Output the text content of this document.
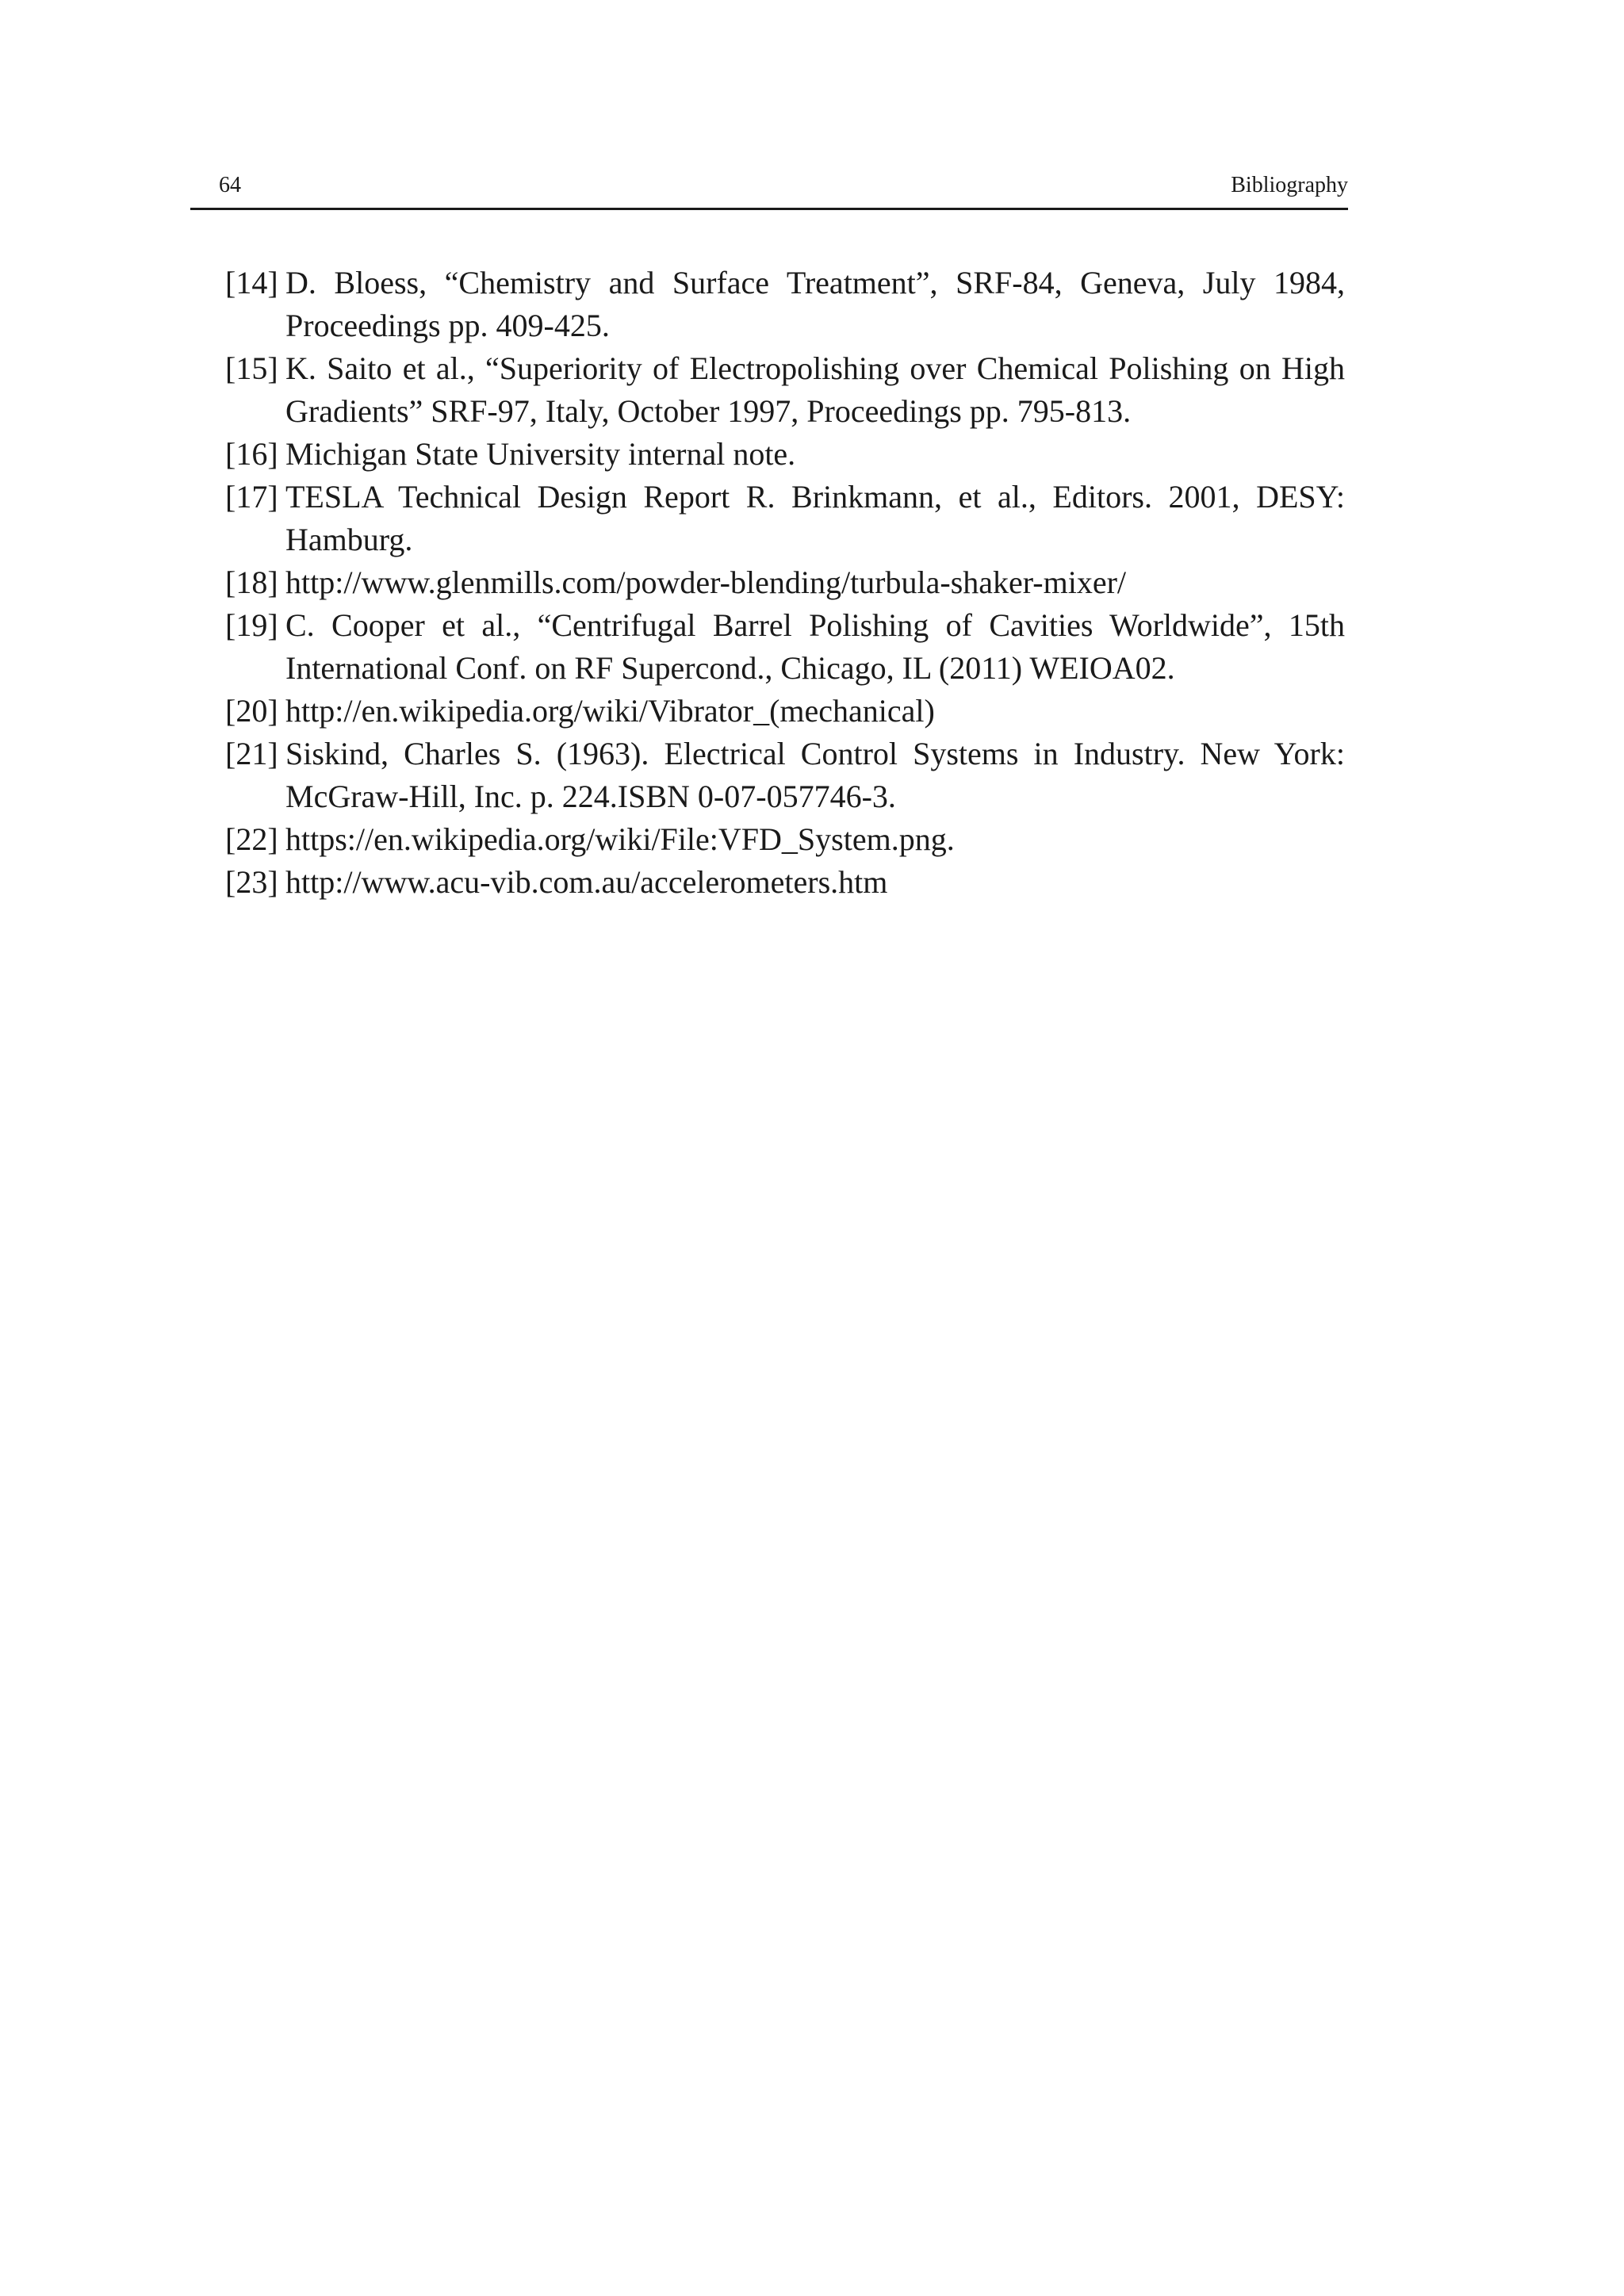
64	Bibliography
[14] D. Bloess, “Chemistry and Surface Treatment”, SRF-84, Geneva, July 1984, Proceedings pp. 409-425.
[15] K. Saito et al., “Superiority of Electropolishing over Chemical Polishing on High Gradients” SRF-97, Italy, October 1997, Proceedings pp. 795-813.
[16] Michigan State University internal note.
[17] TESLA Technical Design Report R. Brinkmann, et al., Editors. 2001, DESY: Hamburg.
[18] http://www.glenmills.com/powder-blending/turbula-shaker-mixer/
[19] C. Cooper et al., “Centrifugal Barrel Polishing of Cavities Worldwide”, 15th International Conf. on RF Supercond., Chicago, IL (2011) WEIOA02.
[20] http://en.wikipedia.org/wiki/Vibrator_(mechanical)
[21] Siskind, Charles S. (1963). Electrical Control Systems in Industry. New York: McGraw-Hill, Inc. p. 224.ISBN 0-07-057746-3.
[22] https://en.wikipedia.org/wiki/File:VFD_System.png.
[23] http://www.acu-vib.com.au/accelerometers.htm
